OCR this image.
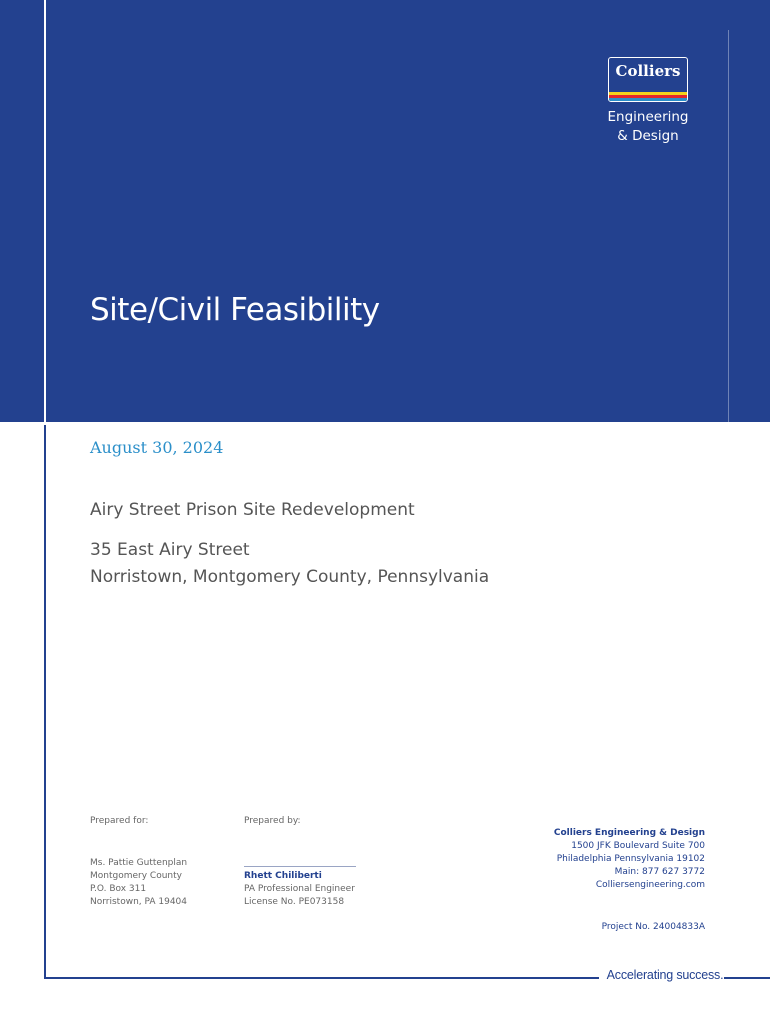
Colliers
Engineering
& Design
Site/Civil Feasibility
August 30, 2024
Airy Street Prison Site Redevelopment
35 East Airy Street
Norristown, Montgomery County, Pennsylvania
Prepared for:
Ms. Pattie Guttenplan
Montgomery County
P.O. Box 311
Norristown, PA 19404
Prepared by:
Rhett Chiliberti
PA Professional Engineer
License No. PE073158
Colliers Engineering & Design
1500 JFK Boulevard Suite 700
Philadelphia Pennsylvania 19102
Main: 877 627 3772
Colliersengineering.com
Project No. 24004833A
Accelerating success.
